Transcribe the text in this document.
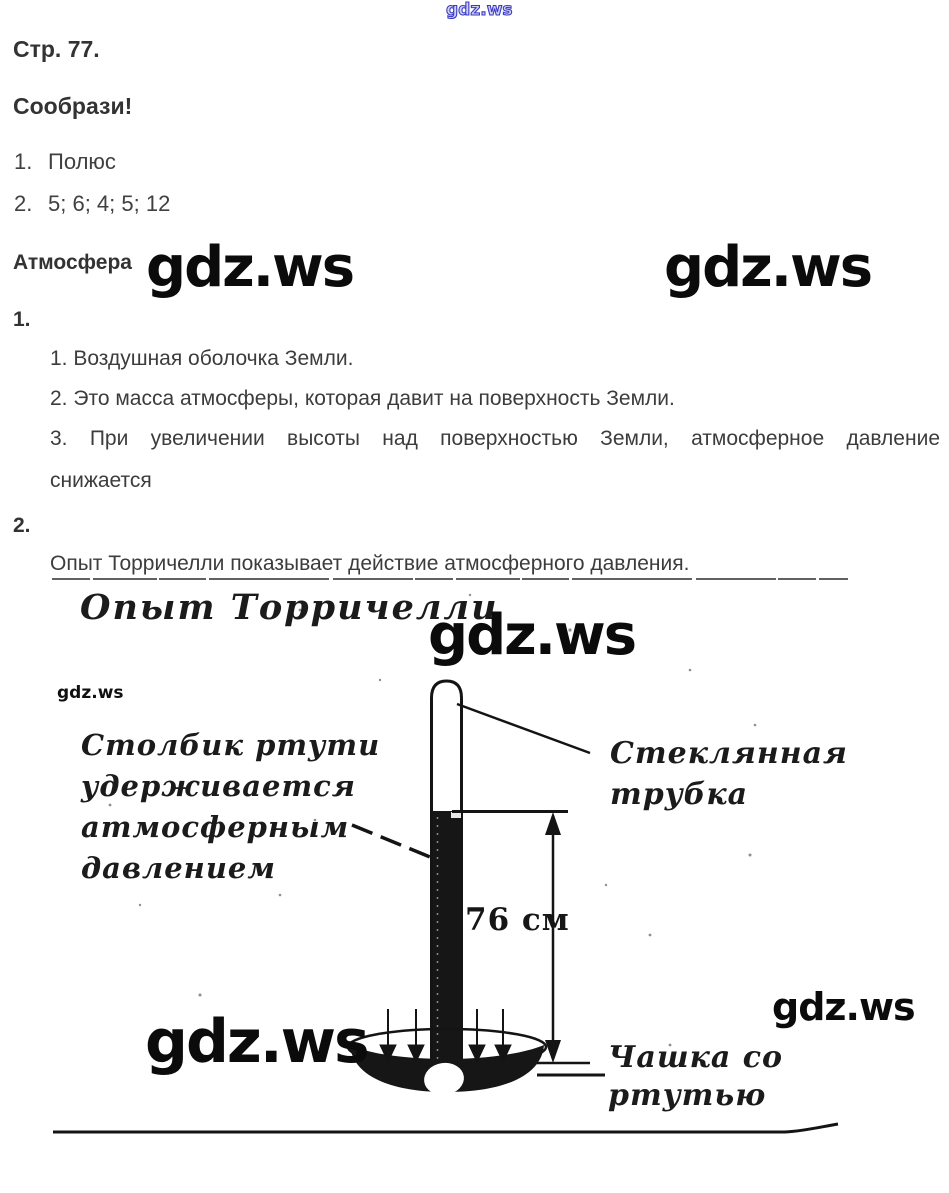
gdz.ws
Стр. 77.
Сообрази!
1. Полюс
2. 5; 6; 4; 5; 12
Атмосфера gdz.ws	gdz.ws
1.
1. Воздушная оболочка Земли.
2. Это масса атмосферы, которая давит на поверхность Земли.
3. При увеличении высоты над поверхностью Земли, атмосферное давление
снижается
2.
Опыт Торричелли показывает действие атмосферного давления.
Опыт Торричелли
gdz.ws
gdz.ws
Столбик ртути
удерживается
атмосферным
давлением
Стеклянная
трубка
76 см
Чашка со
ртутью
gdz.ws	gdz.ws
